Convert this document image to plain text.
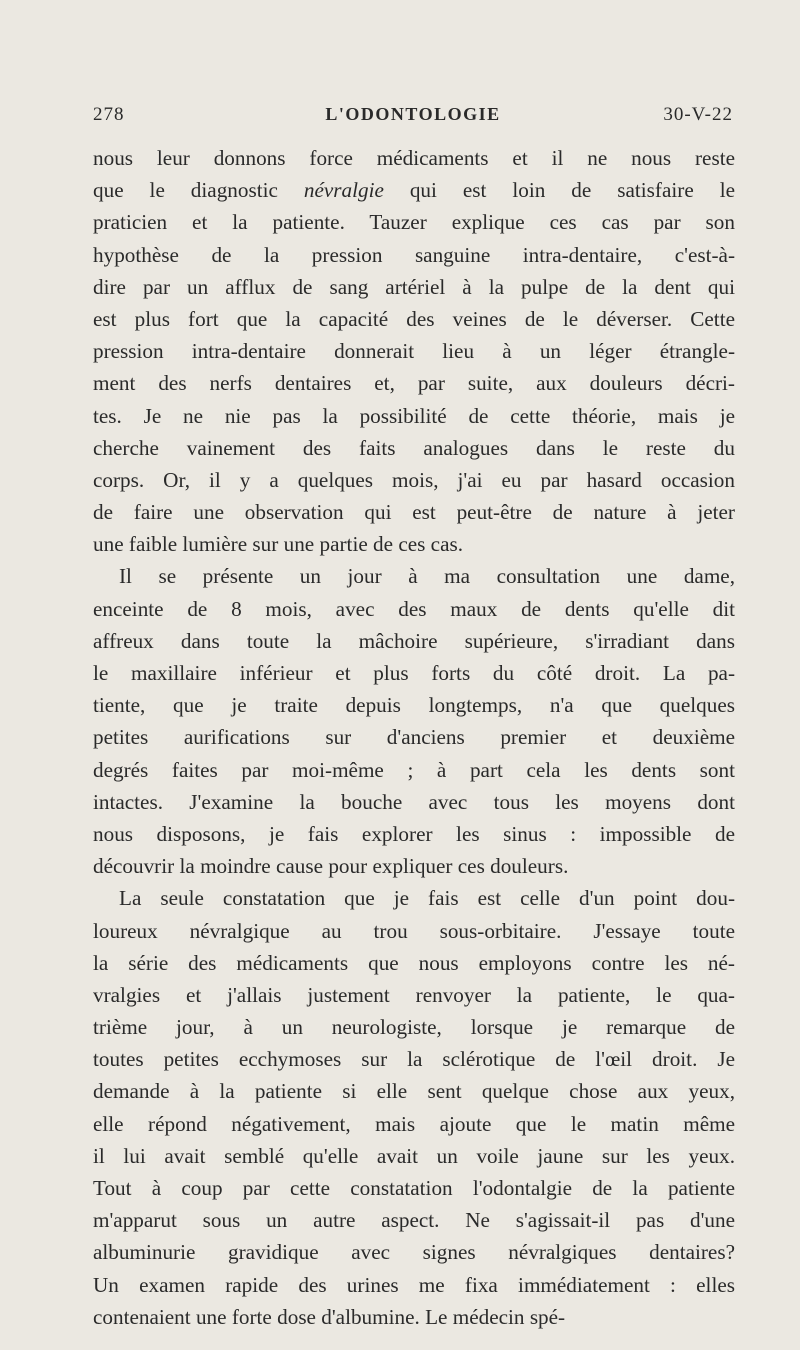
278	L'ODONTOLOGIE	30-V-22
nous leur donnons force médicaments et il ne nous reste
que le diagnostic névralgie qui est loin de satisfaire le
praticien et la patiente. Tauzer explique ces cas par son
hypothèse de la pression sanguine intra-dentaire, c'est-à-
dire par un afflux de sang artériel à la pulpe de la dent qui
est plus fort que la capacité des veines de le déverser. Cette
pression intra-dentaire donnerait lieu à un léger étrangle-
ment des nerfs dentaires et, par suite, aux douleurs décri-
tes. Je ne nie pas la possibilité de cette théorie, mais je
cherche vainement des faits analogues dans le reste du
corps. Or, il y a quelques mois, j'ai eu par hasard occasion
de faire une observation qui est peut-être de nature à jeter
une faible lumière sur une partie de ces cas.
Il se présente un jour à ma consultation une dame,
enceinte de 8 mois, avec des maux de dents qu'elle dit
affreux dans toute la mâchoire supérieure, s'irradiant dans
le maxillaire inférieur et plus forts du côté droit. La pa-
tiente, que je traite depuis longtemps, n'a que quelques
petites aurifications sur d'anciens premier et deuxième
degrés faites par moi-même ; à part cela les dents sont
intactes. J'examine la bouche avec tous les moyens dont
nous disposons, je fais explorer les sinus : impossible de
découvrir la moindre cause pour expliquer ces douleurs.
La seule constatation que je fais est celle d'un point dou-
loureux névralgique au trou sous-orbitaire. J'essaye toute
la série des médicaments que nous employons contre les né-
vralgies et j'allais justement renvoyer la patiente, le qua-
trième jour, à un neurologiste, lorsque je remarque de
toutes petites ecchymoses sur la sclérotique de l'œil droit. Je
demande à la patiente si elle sent quelque chose aux yeux,
elle répond négativement, mais ajoute que le matin même
il lui avait semblé qu'elle avait un voile jaune sur les yeux.
Tout à coup par cette constatation l'odontalgie de la patiente
m'apparut sous un autre aspect. Ne s'agissait-il pas d'une
albuminurie gravidique avec signes névralgiques dentaires?
Un examen rapide des urines me fixa immédiatement : elles
contenaient une forte dose d'albumine. Le médecin spé-
